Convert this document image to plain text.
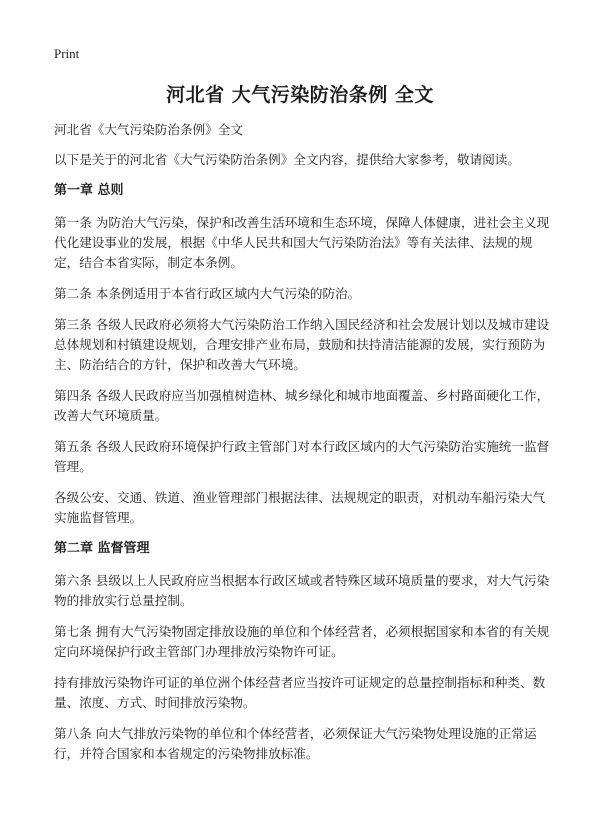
Print
河北省 大气污染防治条例 全文

河北省《大气污染防治条例》全文

以下是关于的河北省《大气污染防治条例》全文内容，提供给大家参考，敬请阅读。

第一章 总则

第一条 为防治大气污染，保护和改善生活环境和生态环境，保障人体健康，进社会主义现代化建设事业的发展，根据《中华人民共和国大气污染防治法》等有关法律、法规的规定，结合本省实际，制定本条例。

第二条 本条例适用于本省行政区域内大气污染的防治。

第三条 各级人民政府必须将大气污染防治工作纳入国民经济和社会发展计划以及城市建设总体规划和村镇建设规划，合理安排产业布局，鼓励和扶持清洁能源的发展，实行预防为主、防治结合的方针，保护和改善大气环境。

第四条 各级人民政府应当加强植树造林、城乡绿化和城市地面覆盖、乡村路面硬化工作，改善大气环境质量。

第五条 各级人民政府环境保护行政主管部门对本行政区域内的大气污染防治实施统一监督管理。

各级公安、交通、铁道、渔业管理部门根据法律、法规规定的职责，对机动车船污染大气实施监督管理。

第二章 监督管理

第六条 县级以上人民政府应当根据本行政区域或者特殊区域环境质量的要求，对大气污染物的排放实行总量控制。

第七条 拥有大气污染物固定排放设施的单位和个体经营者，必须根据国家和本省的有关规定向环境保护行政主管部门办理排放污染物许可证。

持有排放污染物许可证的单位洲个体经营者应当按许可证规定的总量控制指标和种类、数量、浓度、方式、时间排放污染物。

第八条 向大气排放污染物的单位和个体经营者，必须保证大气污染物处理设施的正常运行，并符合国家和本省规定的污染物排放标准。
